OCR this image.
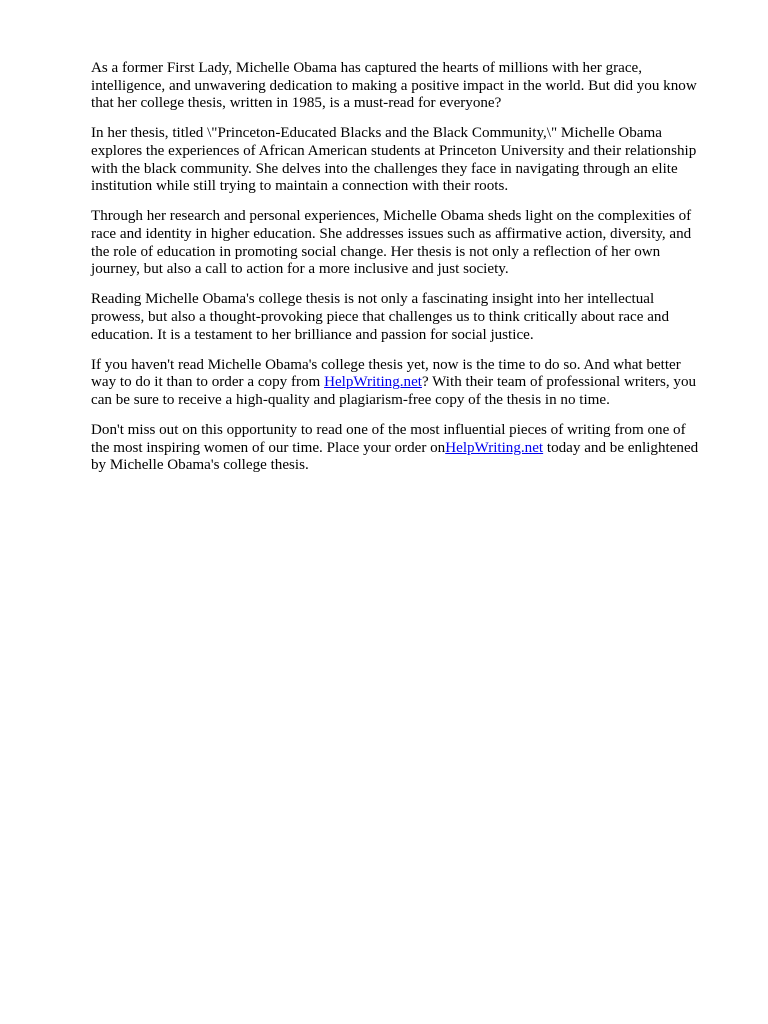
As a former First Lady, Michelle Obama has captured the hearts of millions with her grace,
intelligence, and unwavering dedication to making a positive impact in the world. But did you know
that her college thesis, written in 1985, is a must-read for everyone?

In her thesis, titled \"Princeton-Educated Blacks and the Black Community,\" Michelle Obama
explores the experiences of African American students at Princeton University and their relationship
with the black community. She delves into the challenges they face in navigating through an elite
institution while still trying to maintain a connection with their roots.

Through her research and personal experiences, Michelle Obama sheds light on the complexities of
race and identity in higher education. She addresses issues such as affirmative action, diversity, and
the role of education in promoting social change. Her thesis is not only a reflection of her own
journey, but also a call to action for a more inclusive and just society.

Reading Michelle Obama's college thesis is not only a fascinating insight into her intellectual
prowess, but also a thought-provoking piece that challenges us to think critically about race and
education. It is a testament to her brilliance and passion for social justice.

If you haven't read Michelle Obama's college thesis yet, now is the time to do so. And what better
way to do it than to order a copy from HelpWriting.net? With their team of professional writers, you
can be sure to receive a high-quality and plagiarism-free copy of the thesis in no time.

Don't miss out on this opportunity to read one of the most influential pieces of writing from one of
the most inspiring women of our time. Place your order onHelpWriting.net today and be enlightened
by Michelle Obama's college thesis.
